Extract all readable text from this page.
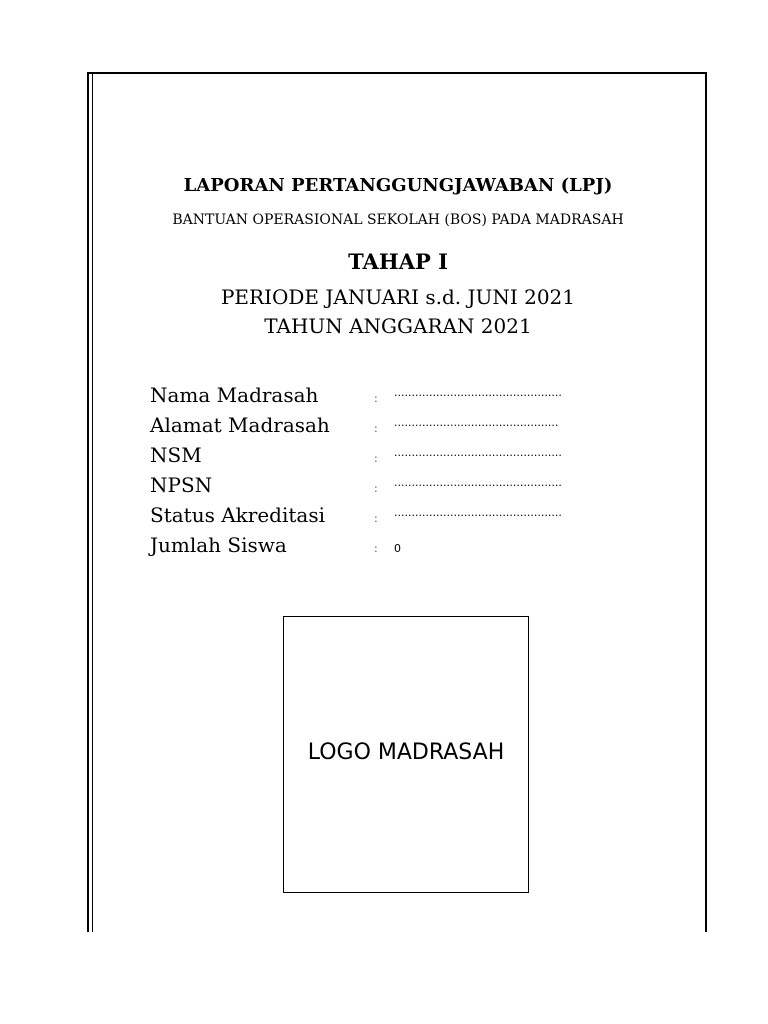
LAPORAN PERTANGGUNGJAWABAN (LPJ)
BANTUAN OPERASIONAL SEKOLAH (BOS) PADA MADRASAH
TAHAP I
PERIODE JANUARI s.d. JUNI 2021
TAHUN ANGGARAN 2021
Nama Madrasah	: ................................................
Alamat Madrasah	: ...............................................
NSM	: ................................................
NPSN	: ................................................
Status Akreditasi	: ................................................
Jumlah Siswa	: 0
LOGO MADRASAH
